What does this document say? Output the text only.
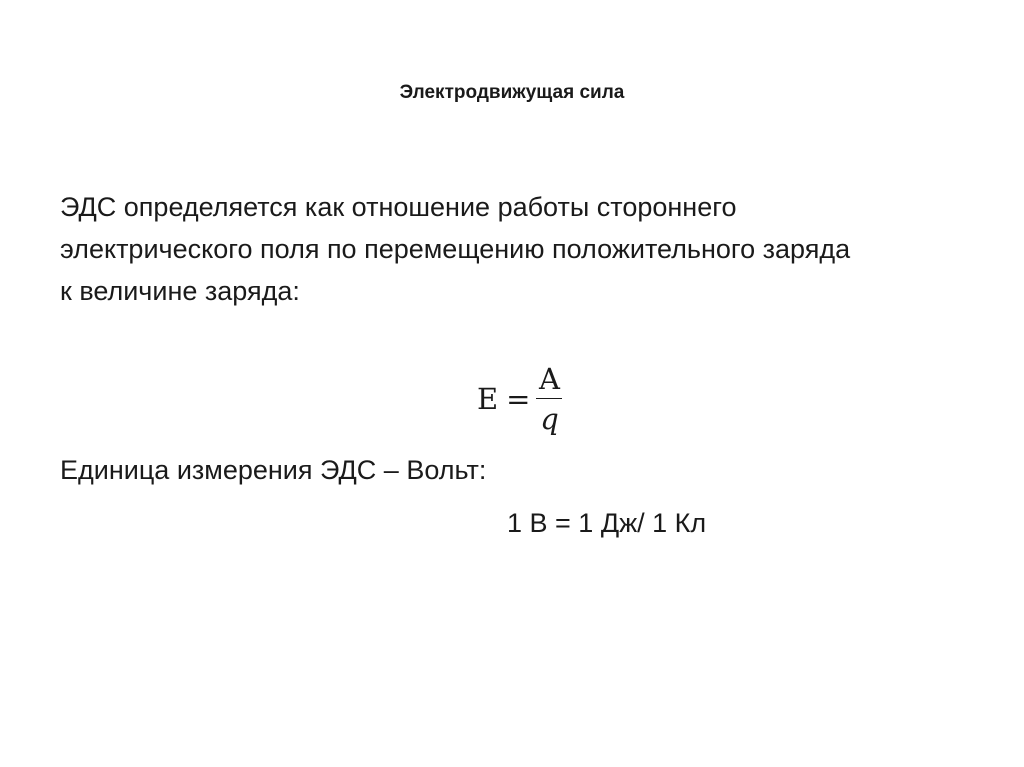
Электродвижущая сила
ЭДС определяется как отношение работы стороннего
электрического поля по перемещению положительного заряда
к величине заряда:
$E = \frac{A}{q}$
Единица измерения ЭДС – Вольт:
1 В = 1 Дж/ 1 Кл
